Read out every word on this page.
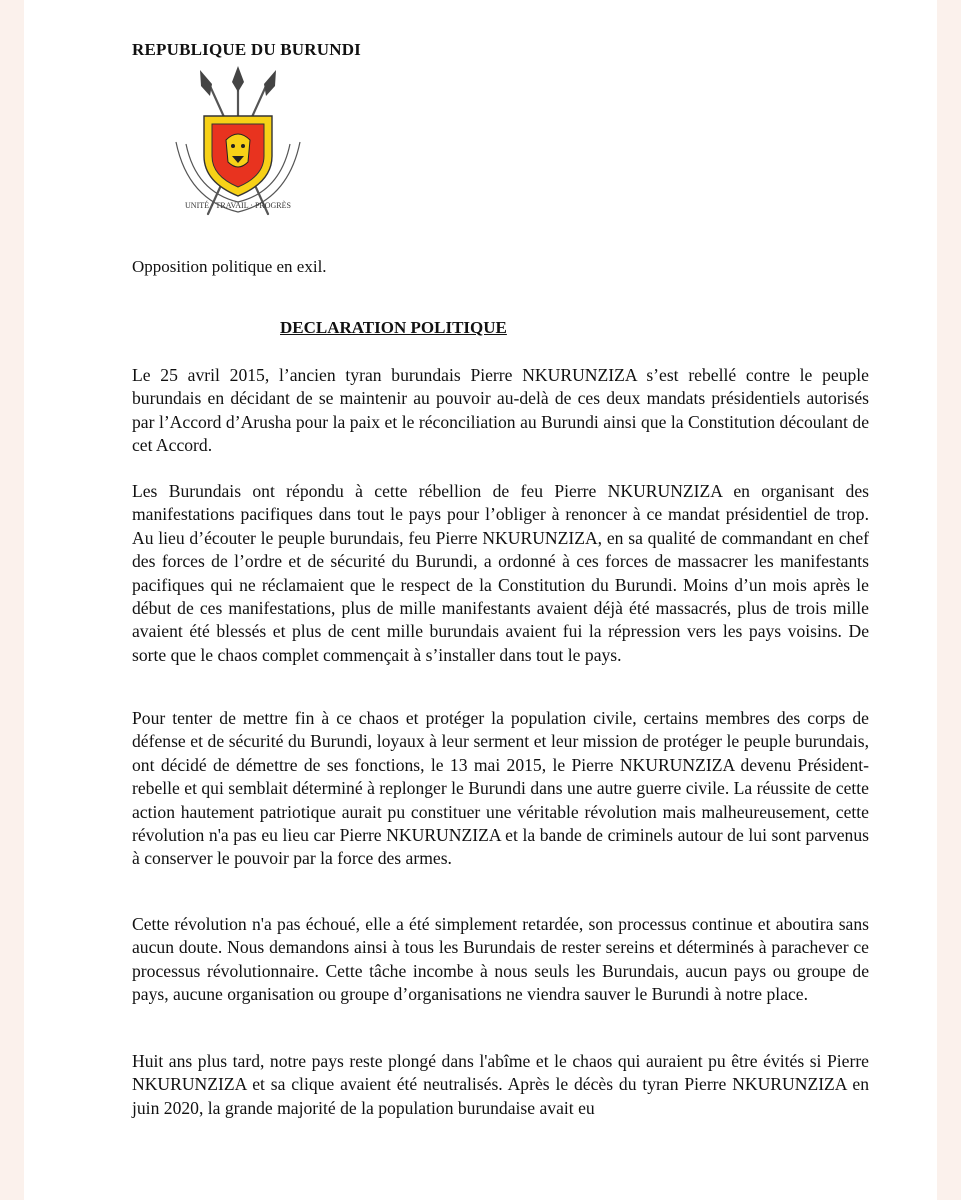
REPUBLIQUE DU BURUNDI
UNITÉ · TRAVAIL · PROGRÈS
Opposition politique en exil.
DECLARATION POLITIQUE

Le 25 avril 2015, l’ancien tyran burundais Pierre NKURUNZIZA s’est rebellé contre le peuple burundais en décidant de se maintenir au pouvoir au-delà de ces deux mandats présidentiels autorisés par l’Accord d’Arusha pour la paix et le réconciliation au Burundi ainsi que la Constitution découlant de cet Accord.

Les Burundais ont répondu à cette rébellion de feu Pierre NKURUNZIZA en organisant des manifestations pacifiques dans tout le pays pour l’obliger à renoncer à ce mandat présidentiel de trop. Au lieu d’écouter le peuple burundais, feu Pierre NKURUNZIZA, en sa qualité de commandant en chef des forces de l’ordre et de sécurité du Burundi, a ordonné à ces forces de massacrer les manifestants pacifiques qui ne réclamaient que le respect de la Constitution du Burundi. Moins d’un mois après le début de ces manifestations, plus de mille manifestants avaient déjà été massacrés, plus de trois mille avaient été blessés et plus de cent mille burundais avaient fui la répression vers les pays voisins. De sorte que le chaos complet commençait à s’installer dans tout le pays.

Pour tenter de mettre fin à ce chaos et protéger la population civile, certains membres des corps de défense et de sécurité du Burundi, loyaux à leur serment et leur mission de protéger le peuple burundais, ont décidé de démettre de ses fonctions, le 13 mai 2015, le Pierre NKURUNZIZA devenu Président-rebelle et qui semblait déterminé à replonger le Burundi dans une autre guerre civile. La réussite de cette action hautement patriotique aurait pu constituer une véritable révolution mais malheureusement, cette révolution n'a pas eu lieu car Pierre NKURUNZIZA et la bande de criminels autour de lui sont parvenus à conserver le pouvoir par la force des armes.

Cette révolution n'a pas échoué, elle a été simplement retardée, son processus continue et aboutira sans aucun doute. Nous demandons ainsi à tous les Burundais de rester sereins et déterminés à parachever ce processus révolutionnaire. Cette tâche incombe à nous seuls les Burundais, aucun pays ou groupe de pays, aucune organisation ou groupe d’organisations ne viendra sauver le Burundi à notre place.

Huit ans plus tard, notre pays reste plongé dans l'abîme et le chaos qui auraient pu être évités si Pierre NKURUNZIZA et sa clique avaient été neutralisés. Après le décès du tyran Pierre NKURUNZIZA en juin 2020, la grande majorité de la population burundaise avait eu
